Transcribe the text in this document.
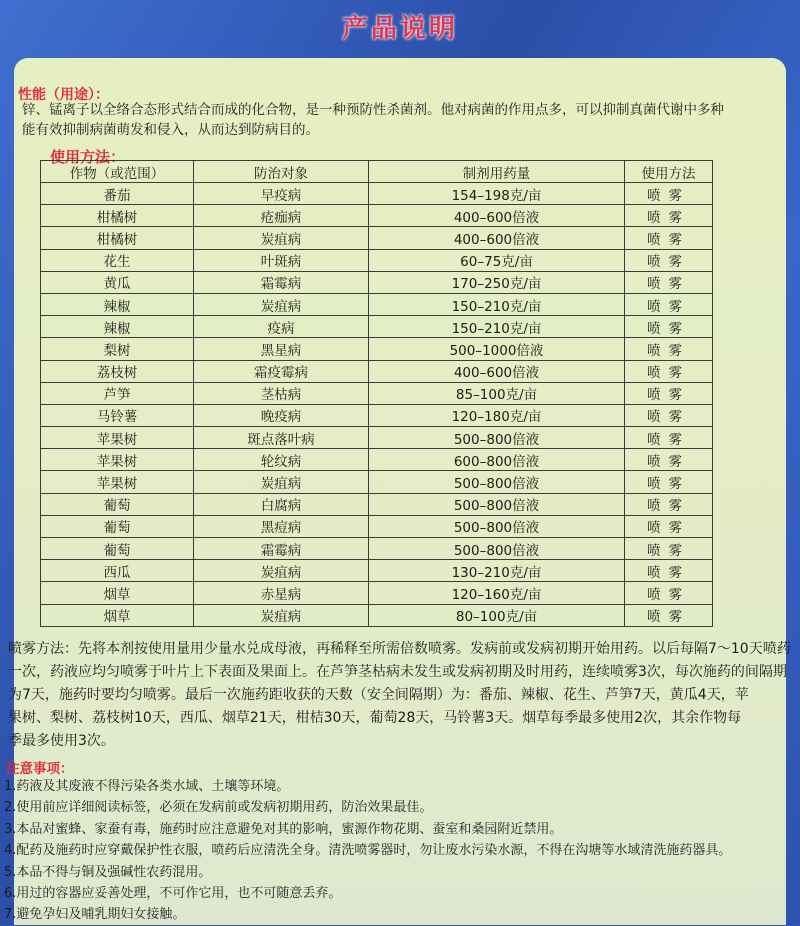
产品说明
性能（用途）：
锌、锰离子以全络合态形式结合而成的化合物，是一种预防性杀菌剂。他对病菌的作用点多，可以抑制真菌代谢中多种
能有效抑制病菌萌发和侵入，从而达到防病目的。
使用方法：
作物（或范围）	防治对象	制剂用药量	使用方法
番茄	早疫病	154–198克/亩	喷雾
柑橘树	疮痂病	400–600倍液	喷雾
柑橘树	炭疽病	400–600倍液	喷雾
花生	叶斑病	60–75克/亩	喷雾
黄瓜	霜霉病	170–250克/亩	喷雾
辣椒	炭疽病	150–210克/亩	喷雾
辣椒	疫病	150–210克/亩	喷雾
梨树	黑星病	500–1000倍液	喷雾
荔枝树	霜疫霉病	400–600倍液	喷雾
芦笋	茎枯病	85–100克/亩	喷雾
马铃薯	晚疫病	120–180克/亩	喷雾
苹果树	斑点落叶病	500–800倍液	喷雾
苹果树	轮纹病	600–800倍液	喷雾
苹果树	炭疽病	500–800倍液	喷雾
葡萄	白腐病	500–800倍液	喷雾
葡萄	黑痘病	500–800倍液	喷雾
葡萄	霜霉病	500–800倍液	喷雾
西瓜	炭疽病	130–210克/亩	喷雾
烟草	赤星病	120–160克/亩	喷雾
烟草	炭疽病	80–100克/亩	喷雾
喷雾方法：先将本剂按使用量用少量水兑成母液，再稀释至所需倍数喷雾。发病前或发病初期开始用药。以后每隔7～10天喷药
一次，药液应均匀喷雾于叶片上下表面及果面上。在芦笋茎枯病未发生或发病初期及时用药，连续喷雾3次，每次施药的间隔期
为7天，施药时要均匀喷雾。最后一次施药距收获的天数（安全间隔期）为：番茄、辣椒、花生、芦笋7天，黄瓜4天，苹
果树、梨树、荔枝树10天，西瓜、烟草21天，柑桔30天，葡萄28天，马铃薯3天。烟草每季最多使用2次，其余作物每
季最多使用3次。
注意事项：
1.药液及其废液不得污染各类水域、土壤等环境。
2.使用前应详细阅读标签，必须在发病前或发病初期用药，防治效果最佳。
3.本品对蜜蜂、家蚕有毒，施药时应注意避免对其的影响，蜜源作物花期、蚕室和桑园附近禁用。
4.配药及施药时应穿戴保护性衣服，喷药后应清洗全身。清洗喷雾器时，勿让废水污染水源，不得在沟塘等水域清洗施药器具。
5.本品不得与铜及强碱性农药混用。
6.用过的容器应妥善处理，不可作它用，也不可随意丢弃。
7.避免孕妇及哺乳期妇女接触。
